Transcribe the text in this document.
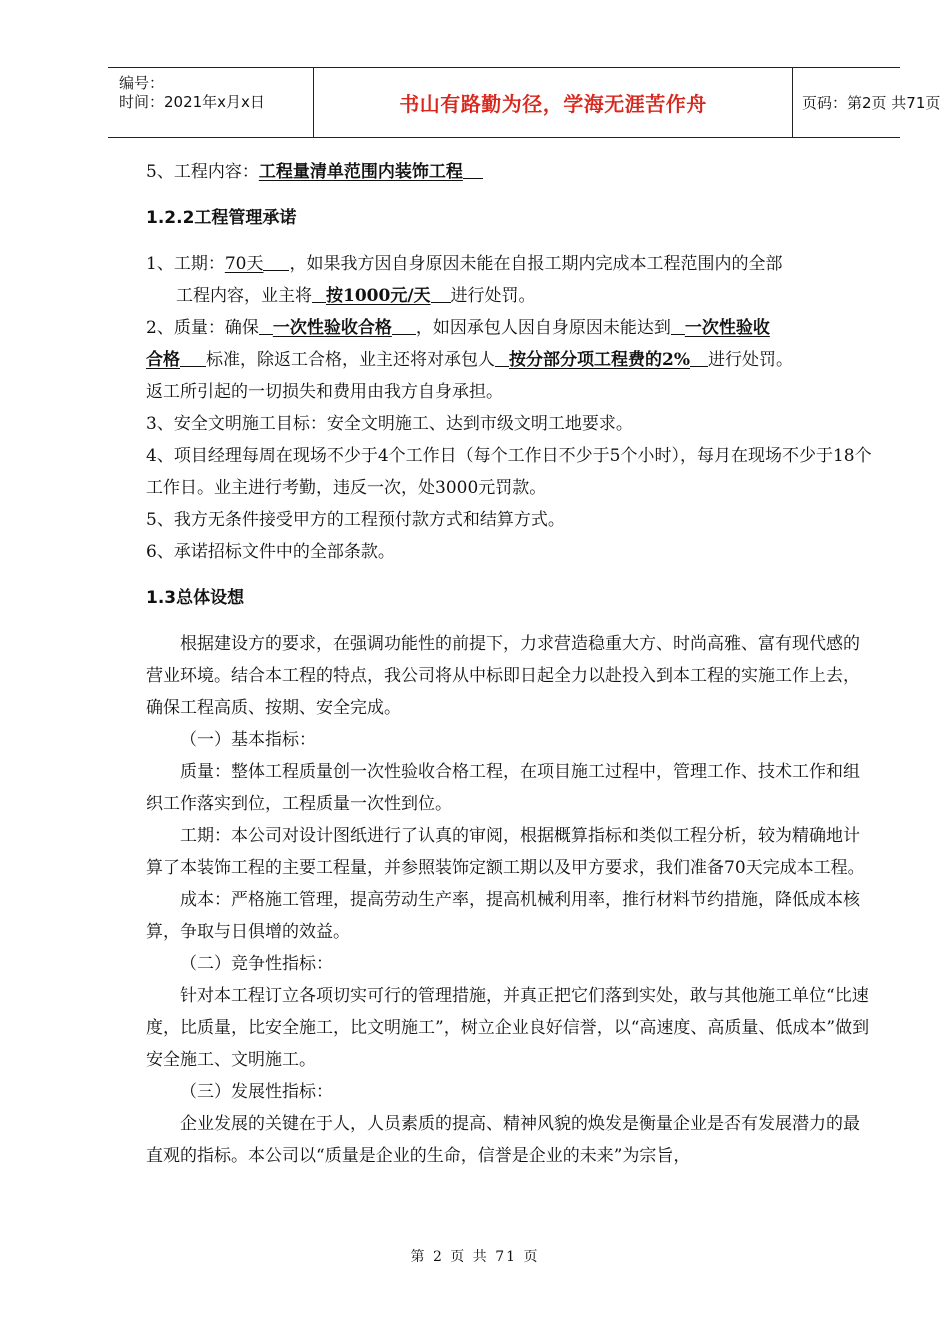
编号：
时间：2021年x月x日	书山有路勤为径，学海无涯苦作舟	页码：第2页 共71页

5、工程内容：工程量清单范围内装饰工程

1.2.2工程管理承诺

1、工期：70天 ，如果我方因自身原因未能在自报工期内完成本工程范围内的全部

工程内容，业主将 按1000元/天 进行处罚。

2、质量：确保 一次性验收合格 ，如因承包人因自身原因未能达到 一次性验收
合格 标准，除返工合格，业主还将对承包人 按分部分项工程费的2% 进行处罚。
返工所引起的一切损失和费用由我方自身承担。

3、安全文明施工目标：安全文明施工、达到市级文明工地要求。

4、项目经理每周在现场不少于4个工作日（每个工作日不少于5个小时），每月在现场不少于18个工作日。业主进行考勤，违反一次，处3000元罚款。

5、我方无条件接受甲方的工程预付款方式和结算方式。

6、承诺招标文件中的全部条款。

1.3总体设想

根据建设方的要求，在强调功能性的前提下，力求营造稳重大方、时尚高雅、富有现代感的营业环境。结合本工程的特点，我公司将从中标即日起全力以赴投入到本工程的实施工作上去，确保工程高质、按期、安全完成。

（一）基本指标：

质量：整体工程质量创一次性验收合格工程，在项目施工过程中，管理工作、技术工作和组织工作落实到位，工程质量一次性到位。

工期：本公司对设计图纸进行了认真的审阅，根据概算指标和类似工程分析，较为精确地计算了本装饰工程的主要工程量，并参照装饰定额工期以及甲方要求，我们准备70天完成本工程。

成本：严格施工管理，提高劳动生产率，提高机械利用率，推行材料节约措施，降低成本核算，争取与日俱增的效益。

（二）竞争性指标：

针对本工程订立各项切实可行的管理措施，并真正把它们落到实处，敢与其他施工单位“比速度，比质量，比安全施工，比文明施工”，树立企业良好信誉，以“高速度、高质量、低成本”做到安全施工、文明施工。

（三）发展性指标：

企业发展的关键在于人，人员素质的提高、精神风貌的焕发是衡量企业是否有发展潜力的最直观的指标。本公司以“质量是企业的生命，信誉是企业的未来”为宗旨，

第 2 页 共 71 页
